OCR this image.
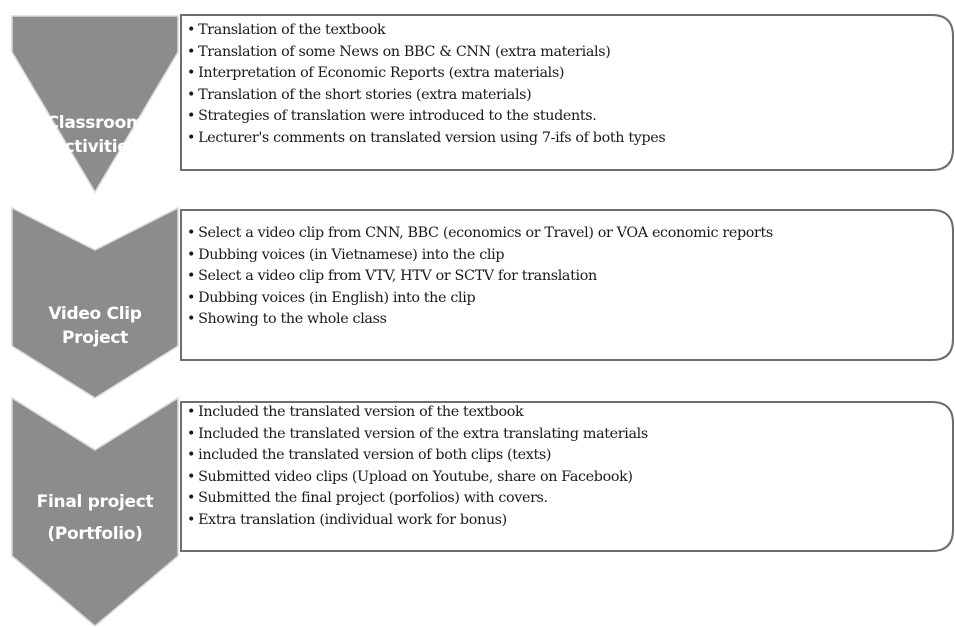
Classroom
Activities
Video Clip
Project
Final project
(Portfolio)
• Translation of the textbook
• Translation of some News on BBC & CNN (extra materials)
• Interpretation of Economic Reports (extra materials)
• Translation of the short stories (extra materials)
• Strategies of translation were introduced to the students.
• Lecturer's comments on translated version using 7-ifs of both types
• Select a video clip from CNN, BBC (economics or Travel) or VOA economic reports
• Dubbing voices (in Vietnamese) into the clip
• Select a video clip from VTV, HTV or SCTV for translation
• Dubbing voices (in English) into the clip
• Showing to the whole class
• Included the translated version of the textbook
• Included the translated version of the extra translating materials
• included the translated version of both clips (texts)
• Submitted video clips (Upload on Youtube, share on Facebook)
• Submitted the final project (porfolios) with covers.
• Extra translation (individual work for bonus)
